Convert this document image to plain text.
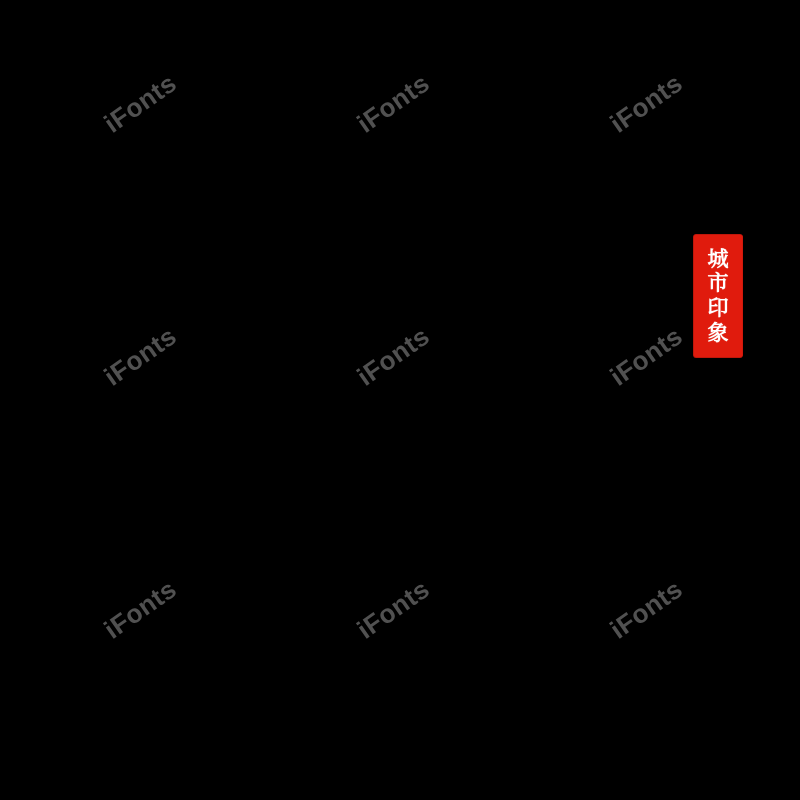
iFonts	iFonts	iFonts
iFonts	iFonts	iFonts
iFonts	iFonts	iFonts
城
市
印
象
